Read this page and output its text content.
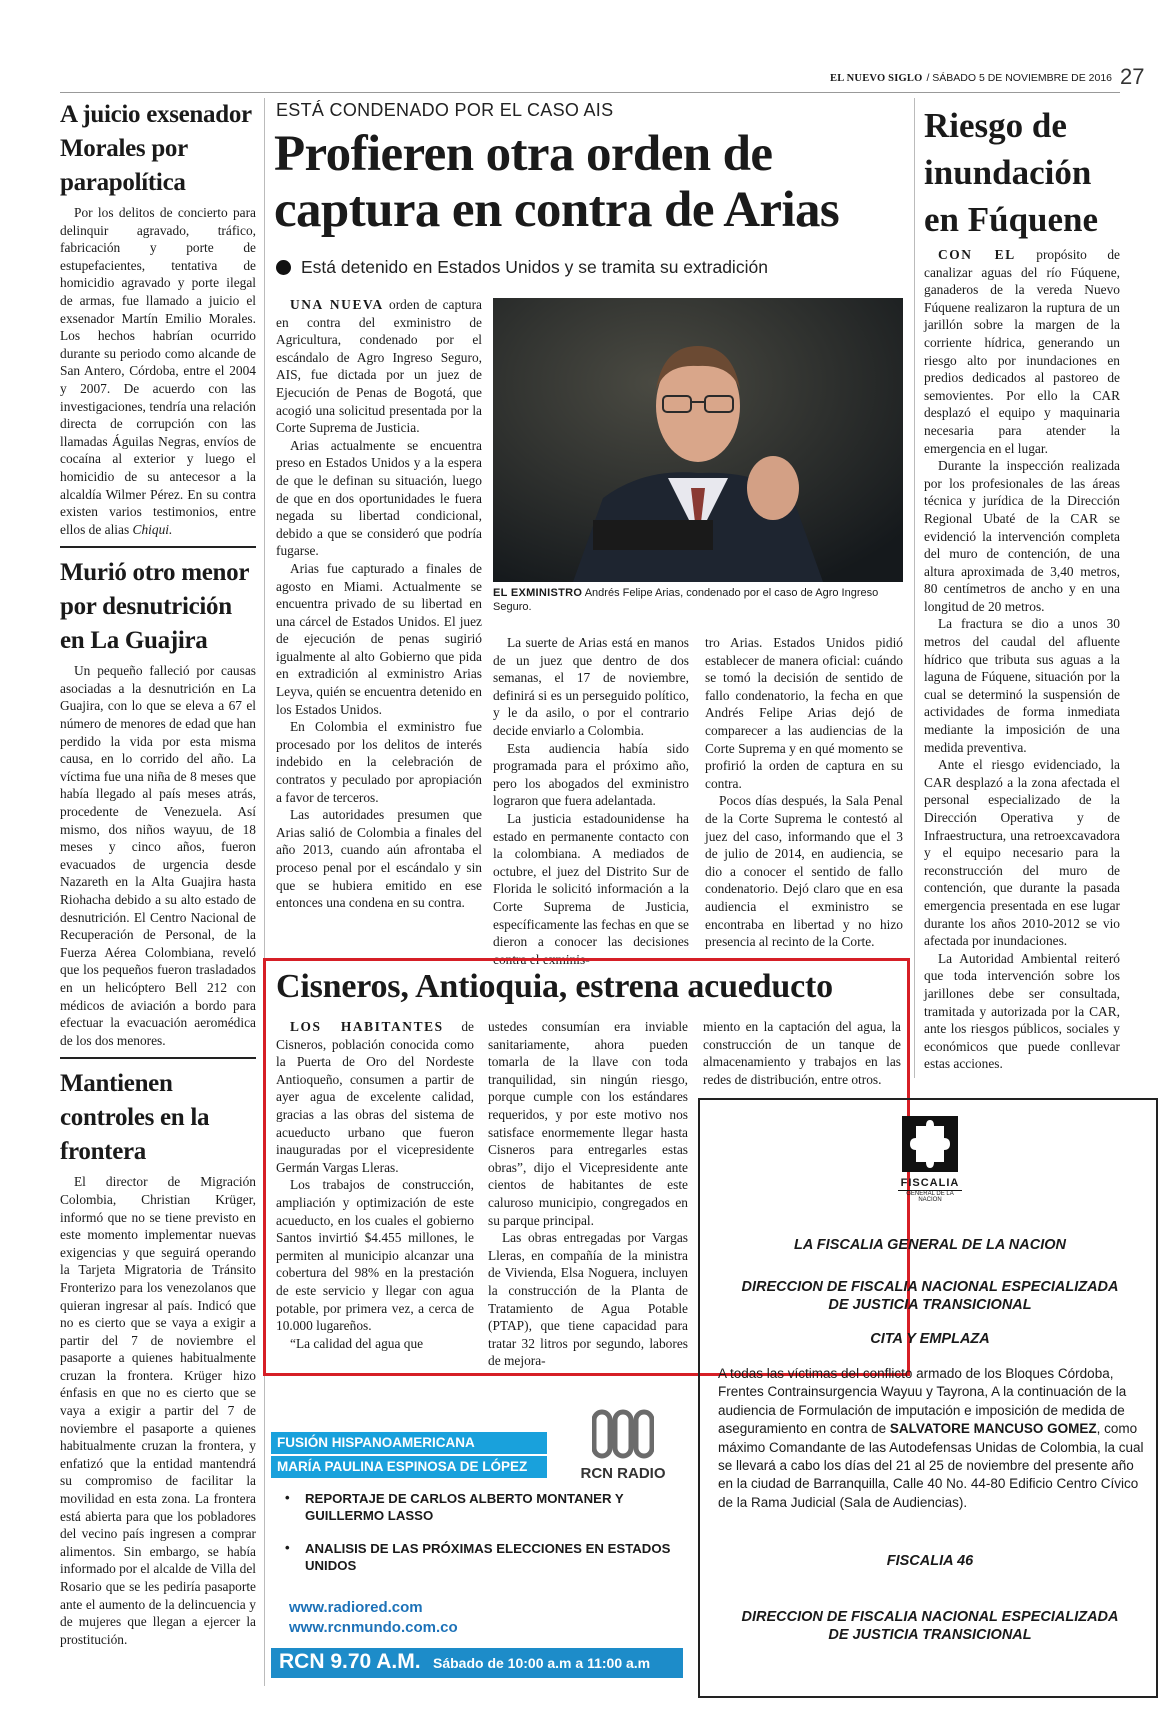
EL NUEVO SIGLO / SÁBADO 5 DE NOVIEMBRE DE 2016 27
A juicio exsenador
Morales por
parapolítica

Por los delitos de concierto para delinquir agravado, tráfico, fabricación y porte de estupefacientes, tentativa de homicidio agravado y porte ilegal de armas, fue llamado a juicio el exsenador Martín Emilio Morales. Los hechos habrían ocurrido durante su periodo como alcande de San Antero, Córdoba, entre el 2004 y 2007. De acuerdo con las investigaciones, tendría una relación directa de corrupción con las llamadas Águilas Negras, envíos de cocaína al exterior y luego el homicidio de su antecesor a la alcaldía Wilmer Pérez. En su contra existen varios testimonios, entre ellos de alias Chiqui.

Murió otro menor
por desnutrición
en La Guajira

Un pequeño falleció por causas asociadas a la desnutrición en La Guajira, con lo que se eleva a 67 el número de menores de edad que han perdido la vida por esta misma causa, en lo corrido del año. La víctima fue una niña de 8 meses que había llegado al país meses atrás, procedente de Venezuela. Así mismo, dos niños wayuu, de 18 meses y cinco años, fueron evacuados de urgencia desde Nazareth en la Alta Guajira hasta Riohacha debido a su alto estado de desnutrición. El Centro Nacional de Recuperación de Personal, de la Fuerza Aérea Colombiana, reveló que los pequeños fueron trasladados en un helicóptero Bell 212 con médicos de aviación a bordo para efectuar la evacuación aeromédica de los dos menores.

Mantienen
controles en la
frontera

El director de Migración Colombia, Christian Krüger, informó que no se tiene previsto en este momento implementar nuevas exigencias y que seguirá operando la Tarjeta Migratoria de Tránsito Fronterizo para los venezolanos que quieran ingresar al país. Indicó que no es cierto que se vaya a exigir a partir del 7 de noviembre el pasaporte a quienes habitualmente cruzan la frontera. Krüger hizo énfasis en que no es cierto que se vaya a exigir a partir del 7 de noviembre el pasaporte a quienes habitualmente cruzan la frontera, y enfatizó que la entidad mantendrá su compromiso de facilitar la movilidad en esta zona. La frontera está abierta para que los pobladores del vecino país ingresen a comprar alimentos. Sin embargo, se había informado por el alcalde de Villa del Rosario que se les pediría pasaporte ante el aumento de la delincuencia y de mujeres que llegan a ejercer la prostitución.

ESTÁ CONDENADO POR EL CASO AIS
Profieren otra orden de
captura en contra de Arias
Está detenido en Estados Unidos y se tramita su extradición

UNA NUEVA orden de captura en contra del exministro de Agricultura, condenado por el escándalo de Agro Ingreso Seguro, AIS, fue dictada por un juez de Ejecución de Penas de Bogotá, que acogió una solicitud presentada por la Corte Suprema de Justicia.

Arias actualmente se encuentra preso en Estados Unidos y a la espera de que le definan su situación, luego de que en dos oportunidades le fuera negada su libertad condicional, debido a que se consideró que podría fugarse.

Arias fue capturado a finales de agosto en Miami. Actualmente se encuentra privado de su libertad en una cárcel de Estados Unidos. El juez de ejecución de penas sugirió igualmente al alto Gobierno que pida en extradición al exministro Arias Leyva, quién se encuentra detenido en los Estados Unidos.

En Colombia el exministro fue procesado por los delitos de interés indebido en la celebración de contratos y peculado por apropiación a favor de terceros.

Las autoridades presumen que Arias salió de Colombia a finales del año 2013, cuando aún afrontaba el proceso penal por el escándalo y sin que se hubiera emitido en ese entonces una condena en su contra.

EL EXMINISTRO Andrés Felipe Arias, condenado por el caso de Agro Ingreso Seguro.

La suerte de Arias está en manos de un juez que dentro de dos semanas, el 17 de noviembre, definirá si es un perseguido político, y le da asilo, o por el contrario decide enviarlo a Colombia.

Esta audiencia había sido programada para el próximo año, pero los abogados del exministro lograron que fuera adelantada.

La justicia estadounidense ha estado en permanente contacto con la colombiana. A mediados de octubre, el juez del Distrito Sur de Florida le solicitó información a la Corte Suprema de Justicia, específicamente las fechas en que se dieron a conocer las decisiones contra el exminis-

tro Arias. Estados Unidos pidió establecer de manera oficial: cuándo se tomó la decisión de sentido de fallo condenatorio, la fecha en que Andrés Felipe Arias dejó de comparecer a las audiencias de la Corte Suprema y en qué momento se profirió la orden de captura en su contra.

Pocos días después, la Sala Penal de la Corte Suprema le contestó al juez del caso, informando que el 3 de julio de 2014, en audiencia, se dio a conocer el sentido de fallo condenatorio. Dejó claro que en esa audiencia el exministro se encontraba en libertad y no hizo presencia al recinto de la Corte.

Riesgo de
inundación
en Fúquene

CON EL propósito de canalizar aguas del río Fúquene, ganaderos de la vereda Nuevo Fúquene realizaron la ruptura de un jarillón sobre la margen de la corriente hídrica, generando un riesgo alto por inundaciones en predios dedicados al pastoreo de semovientes. Por ello la CAR desplazó el equipo y maquinaria necesaria para atender la emergencia en el lugar.

Durante la inspección realizada por los profesionales de las áreas técnica y jurídica de la Dirección Regional Ubaté de la CAR se evidenció la intervención completa del muro de contención, de una altura aproximada de 3,40 metros, 80 centímetros de ancho y en una longitud de 20 metros.

La fractura se dio a unos 30 metros del caudal del afluente hídrico que tributa sus aguas a la laguna de Fúquene, situación por la cual se determinó la suspensión de actividades de forma inmediata mediante la imposición de una medida preventiva.

Ante el riesgo evidenciado, la CAR desplazó a la zona afectada el personal especializado de la Dirección Operativa y de Infraestructura, una retroexcavadora y el equipo necesario para la reconstrucción del muro de contención, que durante la pasada emergencia presentada en ese lugar durante los años 2010-2012 se vio afectada por inundaciones.

La Autoridad Ambiental reiteró que toda intervención sobre los jarillones debe ser consultada, tramitada y autorizada por la CAR, ante los riesgos públicos, sociales y económicos que puede conllevar estas acciones.

Cisneros, Antioquia, estrena acueducto

LOS HABITANTES de Cisneros, población conocida como la Puerta de Oro del Nordeste Antioqueño, consumen a partir de ayer agua de excelente calidad, gracias a las obras del sistema de acueducto urbano que fueron inauguradas por el vicepresidente Germán Vargas Lleras.

Los trabajos de construcción, ampliación y optimización de este acueducto, en los cuales el gobierno Santos invirtió $4.455 millones, le permiten al municipio alcanzar una cobertura del 98% en la prestación de este servicio y llegar con agua potable, por primera vez, a cerca de 10.000 lugareños.

“La calidad del agua que

ustedes consumían era inviable sanitariamente, ahora pueden tomarla de la llave con toda tranquilidad, sin ningún riesgo, porque cumple con los estándares requeridos, y por este motivo nos satisface enormemente llegar hasta Cisneros para entregarles estas obras”, dijo el Vicepresidente ante cientos de habitantes de este caluroso municipio, congregados en su parque principal.

Las obras entregadas por Vargas Lleras, en compañía de la ministra de Vivienda, Elsa Noguera, incluyen la construcción de la Planta de Tratamiento de Agua Potable (PTAP), que tiene capacidad para tratar 32 litros por segundo, labores de mejora-

miento en la captación del agua, la construcción de un tanque de almacenamiento y trabajos en las redes de distribución, entre otros.

FUSIÓN HISPANOAMERICANA
MARÍA PAULINA ESPINOSA DE LÓPEZ	RCN RADIO
• REPORTAJE DE CARLOS ALBERTO MONTANER Y GUILLERMO LASSO
• ANALISIS DE LAS PRÓXIMAS ELECCIONES EN ESTADOS UNIDOS
www.radiored.com
www.rcnmundo.com.co
RCN 9.70 A.M. Sábado de 10:00 a.m a 11:00 a.m
FISCALIA
GENERAL DE LA NACION
LA FISCALIA GENERAL DE LA NACION
DIRECCION DE FISCALIA NACIONAL ESPECIALIZADA
DE JUSTICIA TRANSICIONAL
CITA Y EMPLAZA
A todas las víctimas del conflicto armado de los Bloques Córdoba, Frentes Contrainsurgencia Wayuu y Tayrona, A la continuación de la audiencia de Formulación de imputación e imposición de medida de aseguramiento en contra de SALVATORE MANCUSO GOMEZ, como máximo Comandante de las Autodefensas Unidas de Colombia, la cual se llevará a cabo los días del 21 al 25 de noviembre del presente año en la ciudad de Barranquilla, Calle 40 No. 44-80 Edificio Centro Cívico de la Rama Judicial (Sala de Audiencias).
FISCALIA 46
DIRECCION DE FISCALIA NACIONAL ESPECIALIZADA
DE JUSTICIA TRANSICIONAL
